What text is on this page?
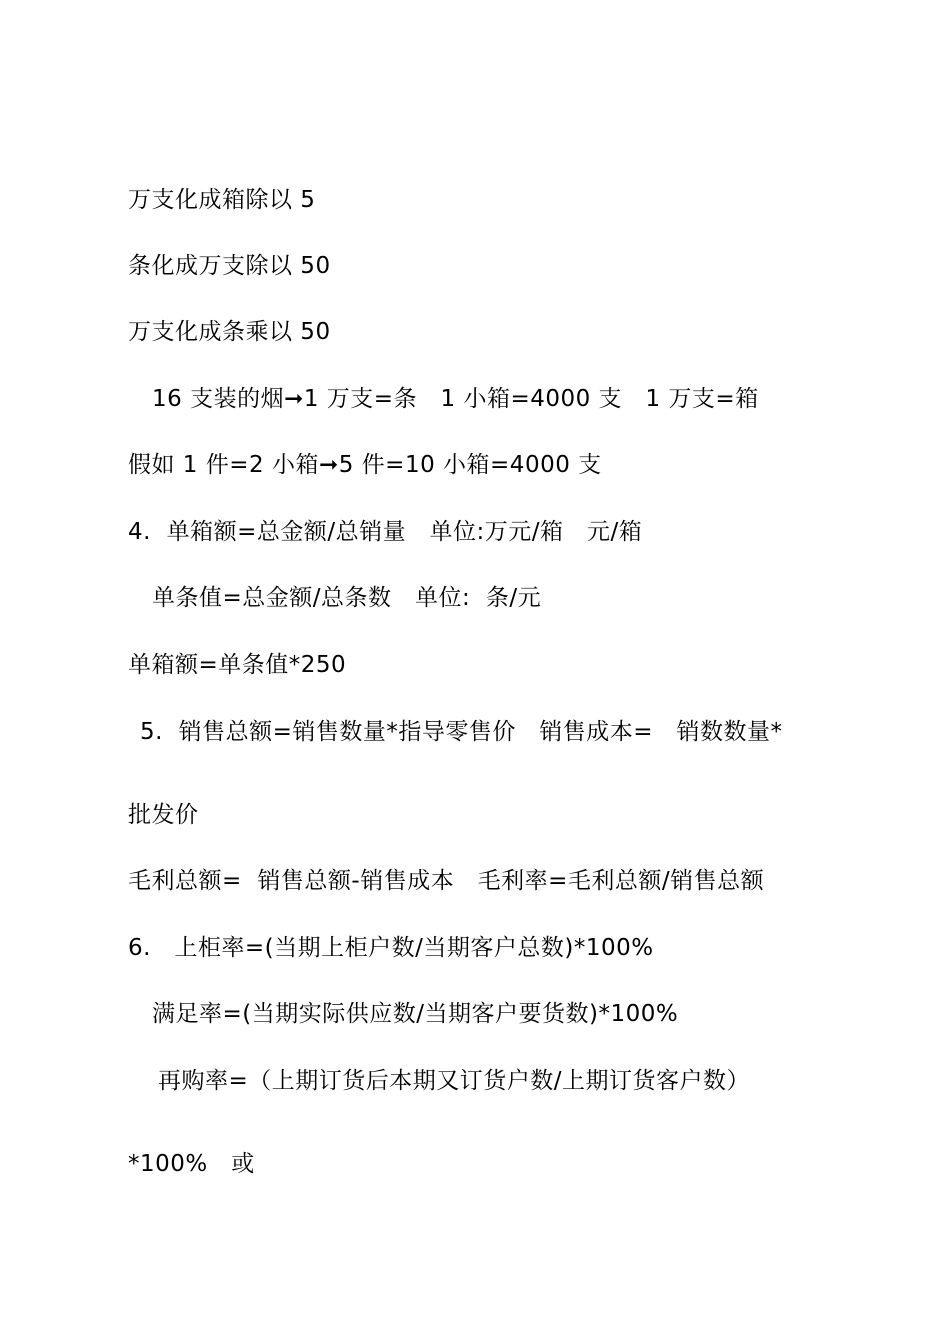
万支化成箱除以 5
条化成万支除以 50
万支化成条乘以 50
16 支装的烟➞1 万支=条   1 小箱=4000 支   1 万支=箱
假如 1 件=2 小箱➞5 件=10 小箱=4000 支
4.  单箱额=总金额/总销量   单位:万元/箱   元/箱
单条值=总金额/总条数   单位:  条/元
单箱额=单条值*250
5.  销售总额=销售数量*指导零售价   销售成本=   销数数量*
批发价
毛利总额=  销售总额-销售成本   毛利率=毛利总额/销售总额
6.   上柜率=(当期上柜户数/当期客户总数)*100%
满足率=(当期实际供应数/当期客户要货数)*100%
再购率=（上期订货后本期又订货户数/上期订货客户数）
*100%   或
